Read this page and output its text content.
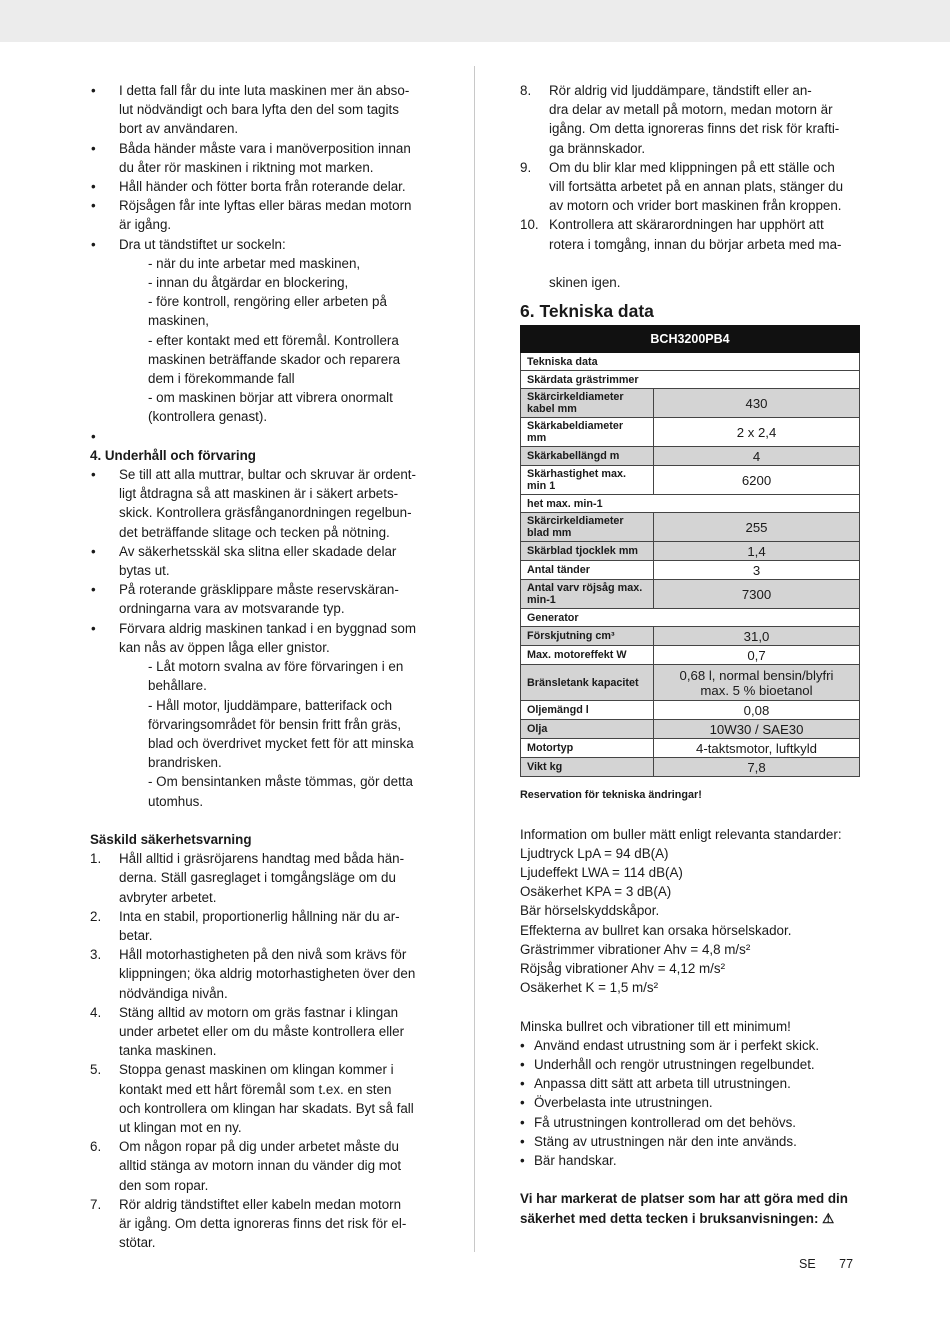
•	I detta fall får du inte luta maskinen mer än abso-
lut nödvändigt och bara lyfta den del som tagits
bort av användaren.
•	Båda händer måste vara i manöverposition innan
du åter rör maskinen i riktning mot marken.
•	Håll händer och fötter borta från roterande delar.
•	Röjsågen får inte lyftas eller bäras medan motorn
är igång.
•	Dra ut tändstiftet ur sockeln:
- när du inte arbetar med maskinen,
- innan du åtgärdar en blockering,
- före kontroll, rengöring eller arbeten på
maskinen,
- efter kontakt med ett föremål. Kontrollera
maskinen beträffande skador och reparera
dem i förekommande fall
- om maskinen börjar att vibrera onormalt
(kontrollera genast).
•
4. Underhåll och förvaring
•	Se till att alla muttrar, bultar och skruvar är ordent-
ligt åtdragna så att maskinen är i säkert arbets-
skick. Kontrollera gräsfånganordningen regelbun-
det beträffande slitage och tecken på nötning.
•	Av säkerhetsskäl ska slitna eller skadade delar
bytas ut.
•	På roterande gräsklippare måste reservskäran-
ordningarna vara av motsvarande typ.
•	Förvara aldrig maskinen tankad i en byggnad som
kan nås av öppen låga eller gnistor.
- Låt motorn svalna av före förvaringen i en
behållare.
- Håll motor, ljuddämpare, batterifack och
förvaringsområdet för bensin fritt från gräs,
blad och överdrivet mycket fett för att minska
brandrisken.
- Om bensintanken måste tömmas, gör detta
utomhus.
Säskild säkerhetsvarning
1.	Håll alltid i gräsröjarens handtag med båda hän-
derna. Ställ gasreglaget i tomgångsläge om du
avbryter arbetet.
2.	Inta en stabil, proportionerlig hållning när du ar-
betar.
3.	Håll motorhastigheten på den nivå som krävs för
klippningen; öka aldrig motorhastigheten över den
nödvändiga nivån.
4.	Stäng alltid av motorn om gräs fastnar i klingan
under arbetet eller om du måste kontrollera eller
tanka maskinen.
5.	Stoppa genast maskinen om klingan kommer i
kontakt med ett hårt föremål som t.ex. en sten
och kontrollera om klingan har skadats. Byt så fall
ut klingan mot en ny.
6.	Om någon ropar på dig under arbetet måste du
alltid stänga av motorn innan du vänder dig mot
den som ropar.
7.	Rör aldrig tändstiftet eller kabeln medan motorn
är igång. Om detta ignoreras finns det risk för el-
stötar.
8.	Rör aldrig vid ljuddämpare, tändstift eller an-
dra delar av metall på motorn, medan motorn är
igång. Om detta ignoreras finns det risk för krafti-
ga brännskador.
9.	Om du blir klar med klippningen på ett ställe och
vill fortsätta arbetet på en annan plats, stänger du
av motorn och vrider bort maskinen från kroppen.
10. Kontrollera att skärarordningen har upphört att
rotera i tomgång, innan du börjar arbeta med ma-
skinen igen.
6. Tekniska data
BCH3200PB4	
Tekniska data	
Skärdata grästrimmer	
Skärcirkeldiameter
kabel mm	430
Skärkabeldiameter
mm	2 x 2,4
Skärkabellängd m	4
Skärhastighet max.
min 1	6200
het max. min-1	
Skärcirkeldiameter
blad mm	255
Skärblad tjocklek mm	1,4
Antal tänder	3
Antal varv röjsåg max.
min-1	7300
Generator	
Förskjutning cm³	31,0
Max. motoreffekt W	0,7
Bränsletank kapacitet	0,68 l, normal bensin/blyfri
max. 5 % bioetanol
Oljemängd l	0,08
Olja	10W30 / SAE30
Motortyp	4-taktsmotor, luftkyld
Vikt kg	7,8
Reservation för tekniska ändringar!
Information om buller mätt enligt relevanta standarder:
Ljudtryck LpA = 94 dB(A)
Ljudeffekt LWA = 114 dB(A)
Osäkerhet KPA = 3 dB(A)
Bär hörselskyddskåpor.
Effekterna av bullret kan orsaka hörselskador.
Grästrimmer vibrationer Ahv = 4,8 m/s²
Röjsåg vibrationer Ahv = 4,12 m/s²
Osäkerhet K = 1,5 m/s²
Minska bullret och vibrationer till ett minimum!
• Använd endast utrustning som är i perfekt skick.
• Underhåll och rengör utrustningen regelbundet.
• Anpassa ditt sätt att arbeta till utrustningen.
• Överbelasta inte utrustningen.
• Få utrustningen kontrollerad om det behövs.
• Stäng av utrustningen när den inte används.
• Bär handskar.
Vi har markerat de platser som har att göra med din
säkerhet med detta tecken i bruksanvisningen: ⚠
SE 77
